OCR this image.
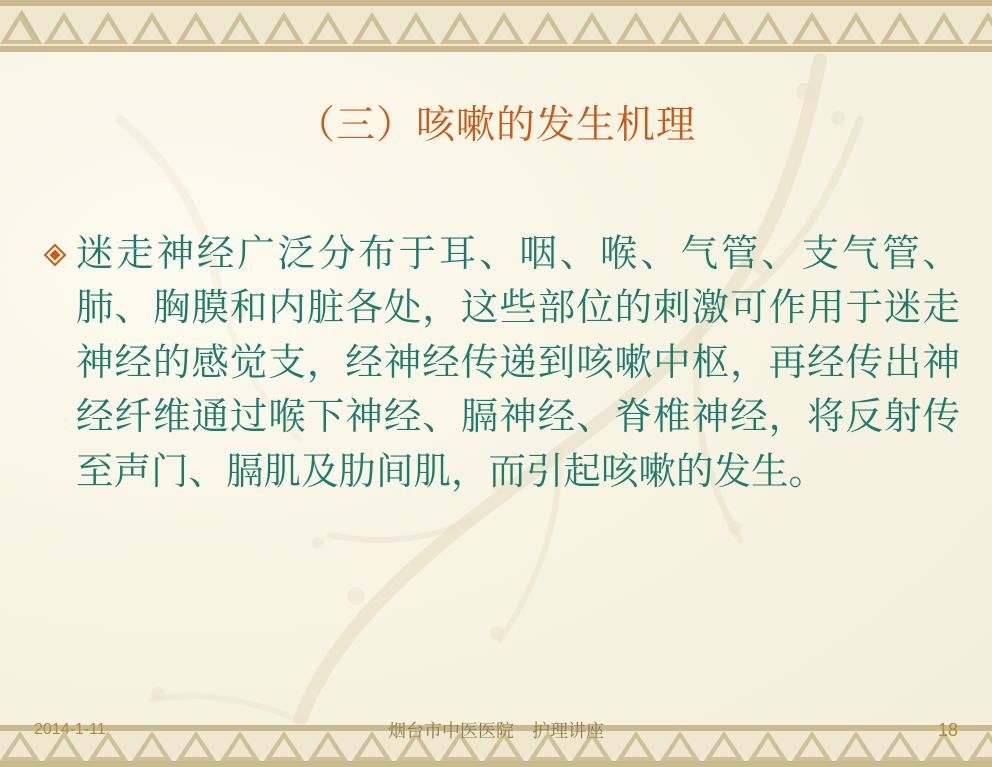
（三）咳嗽的发生机理
迷走神经广泛分布于耳、咽、喉、气管、支气管、肺、胸膜和内脏各处，这些部位的刺激可作用于迷走神经的感觉支，经神经传递到咳嗽中枢，再经传出神经纤维通过喉下神经、膈神经、脊椎神经，将反射传至声门、膈肌及肋间肌，而引起咳嗽的发生。
2014-1-11	烟台市中医医院　护理讲座	18
